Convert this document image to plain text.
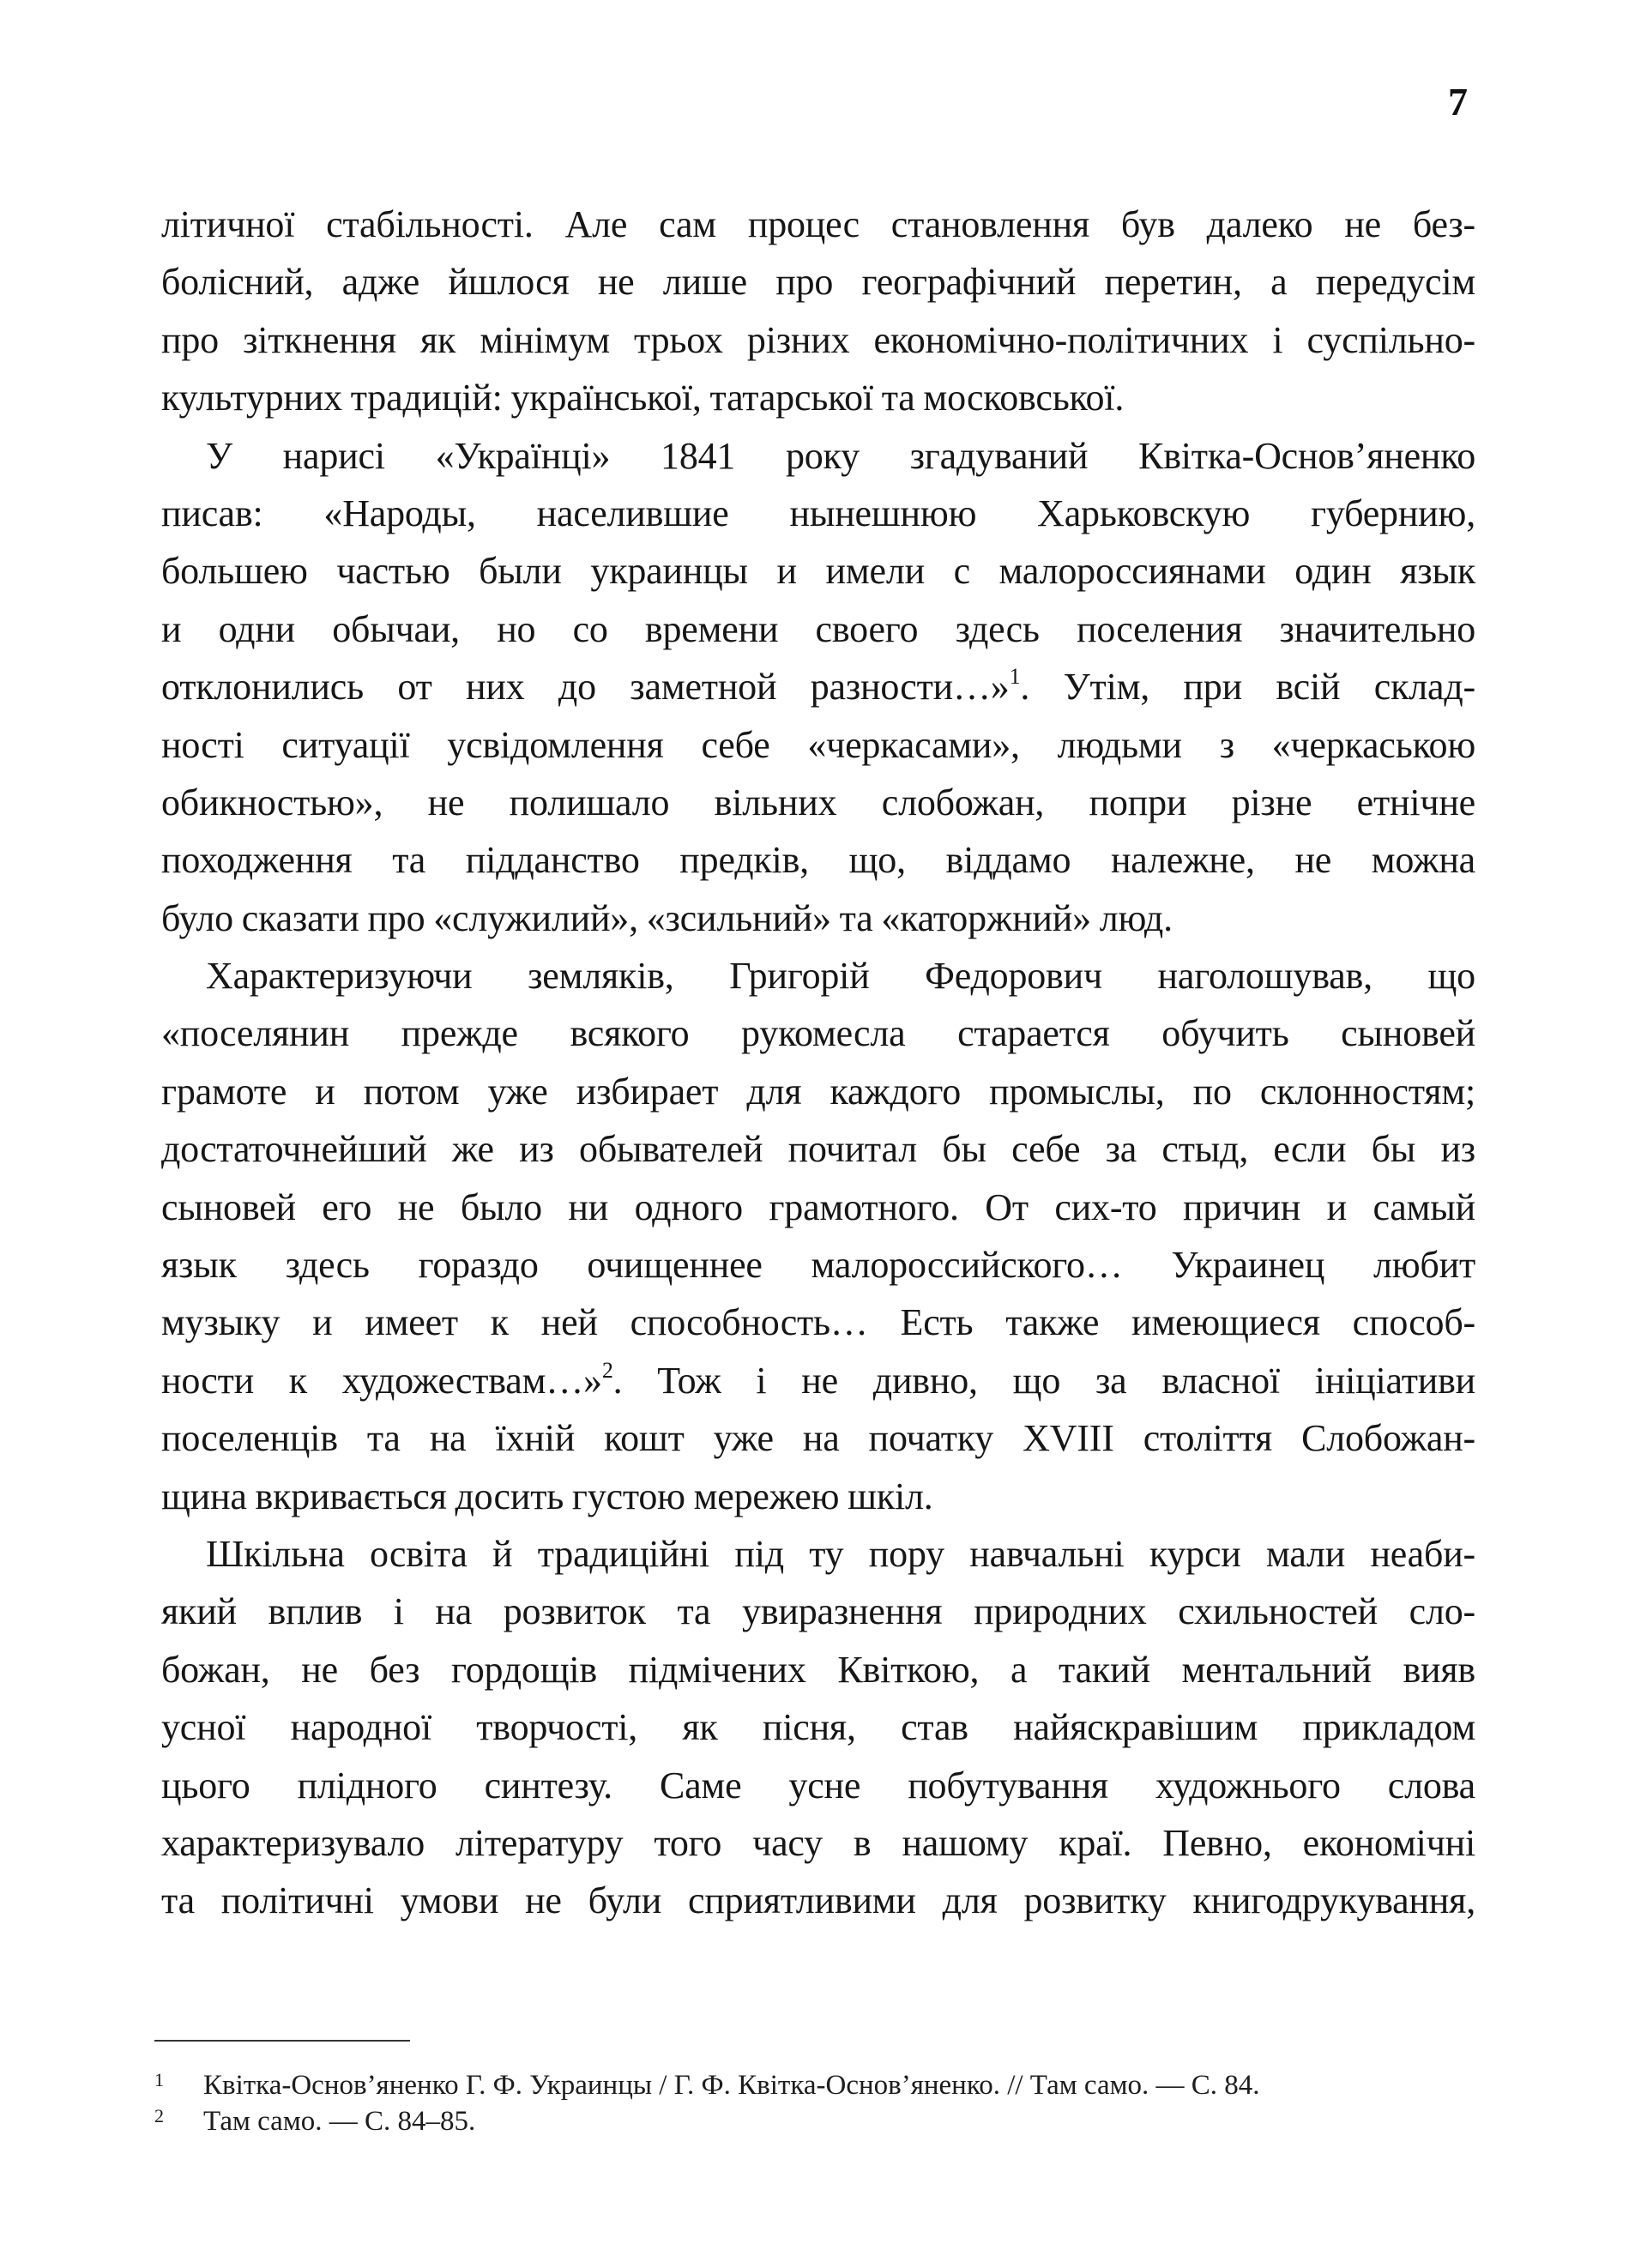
7
літичної стабільності. Але сам процес становлення був далеко не без-
болісний, адже йшлося не лише про географічний перетин, а передусім
про зіткнення як мінімум трьох різних економічно-політичних і суспільно-
культурних традицій: української, татарської та московської.
У нарисі «Українці» 1841 року згадуваний Квітка-Основ’яненко
писав: «Народы, населившие нынешнюю Харьковскую губернию,
большею частью были украинцы и имели с малороссиянами один язык
и одни обычаи, но со времени своего здесь поселения значительно
отклонились от них до заметной разности…»$^1$. Утім, при всій склад-
ності ситуації усвідомлення себе «черкасами», людьми з «черкаською
обикностью», не полишало вільних слобожан, попри різне етнічне
походження та підданство предків, що, віддамо належне, не можна
було сказати про «служилий», «зсильний» та «каторжний» люд.
Характеризуючи земляків, Григорій Федорович наголошував, що
«поселянин прежде всякого рукомесла старается обучить сыновей
грамоте и потом уже избирает для каждого промыслы, по склонностям;
достаточнейший же из обывателей почитал бы себе за стыд, если бы из
сыновей его не было ни одного грамотного. От сих-то причин и самый
язык здесь гораздо очищеннее малороссийского… Украинец любит
музыку и имеет к ней способность… Есть также имеющиеся способ-
ности к художествам…»$^2$. Тож і не дивно, що за власної ініціативи
поселенців та на їхній кошт уже на початку XVIII століття Слобожан-
щина вкривається досить густою мережею шкіл.
Шкільна освіта й традиційні під ту пору навчальні курси мали неаби-
який вплив і на розвиток та увиразнення природних схильностей сло-
божан, не без гордощів підмічених Квіткою, а такий ментальний вияв
усної народної творчості, як пісня, став найяскравішим прикладом
цього плідного синтезу. Саме усне побутування художнього слова
характеризувало літературу того часу в нашому краї. Певно, економічні
та політичні умови не були сприятливими для розвитку книгодрукування,
1	Квітка-Основ’яненко Г. Ф. Украинцы / Г. Ф. Квітка-Основ’яненко. // Там само. — С. 84.
2	Там само. — С. 84–85.
